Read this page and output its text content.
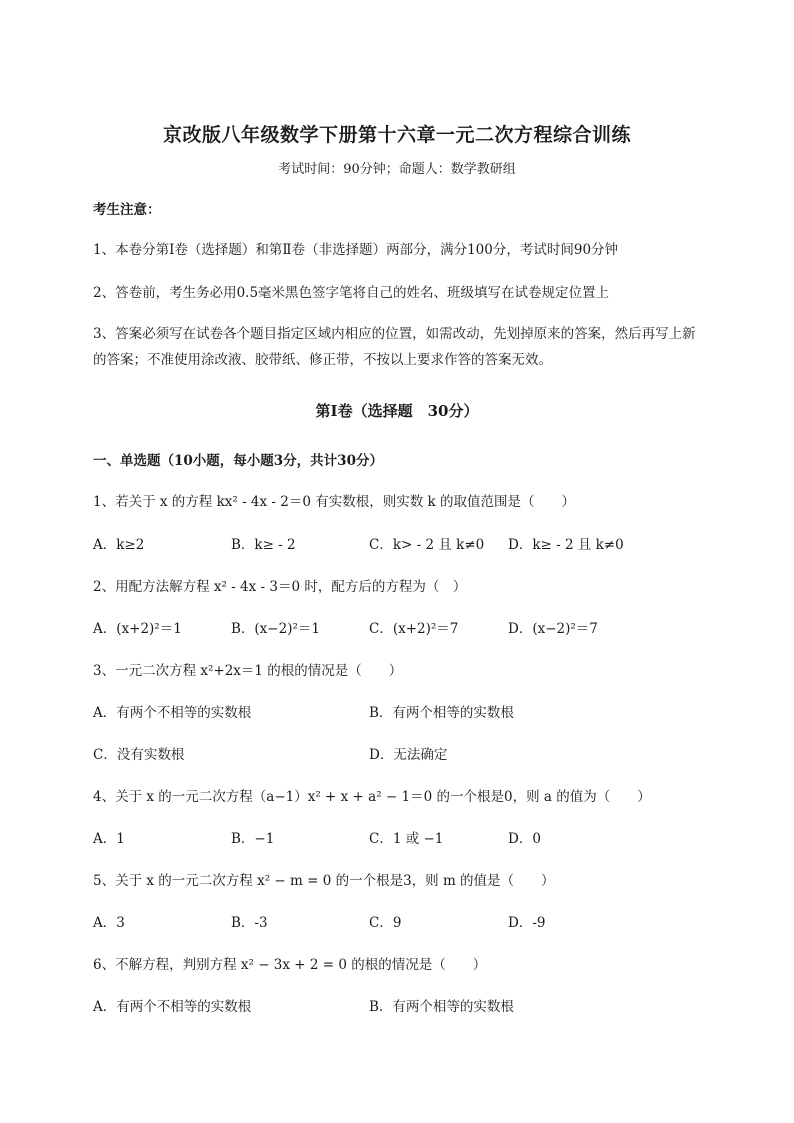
京改版八年级数学下册第十六章一元二次方程综合训练
考试时间：90分钟；命题人：数学教研组
考生注意：
1、本卷分第I卷（选择题）和第Ⅱ卷（非选择题）两部分，满分100分，考试时间90分钟
2、答卷前，考生务必用0.5毫米黑色签字笔将自己的姓名、班级填写在试卷规定位置上
3、答案必须写在试卷各个题目指定区域内相应的位置，如需改动，先划掉原来的答案，然后再写上新
的答案；不准使用涂改液、胶带纸、修正带，不按以上要求作答的答案无效。
第I卷（选择题　30分）
一、单选题（10小题，每小题3分，共计30分）
1、若关于 x 的方程 kx² - 4x - 2＝0 有实数根，则实数 k 的取值范围是（　　）
A．k≥2	B．k≥ - 2	C．k> - 2 且 k≠0 D．k≥ - 2 且 k≠0
2、用配方法解方程 x² - 4x - 3＝0 时，配方后的方程为（　）
A．(x+2)²＝1	B．(x−2)²＝1	C．(x+2)²＝7	D．(x−2)²＝7
3、一元二次方程 x²+2x＝1 的根的情况是（　　）
A．有两个不相等的实数根	B．有两个相等的实数根
C．没有实数根	D．无法确定
4、关于 x 的一元二次方程（a−1）x² + x + a² − 1＝0 的一个根是0，则 a 的值为（　　）
A．1	B．−1	C．1 或 −1	D．0
5、关于 x 的一元二次方程 x² − m = 0 的一个根是3，则 m 的值是（　　）
A．3	B．-3	C．9	D．-9
6、不解方程，判别方程 x² − 3x + 2 = 0 的根的情况是（　　）
A．有两个不相等的实数根	B．有两个相等的实数根
